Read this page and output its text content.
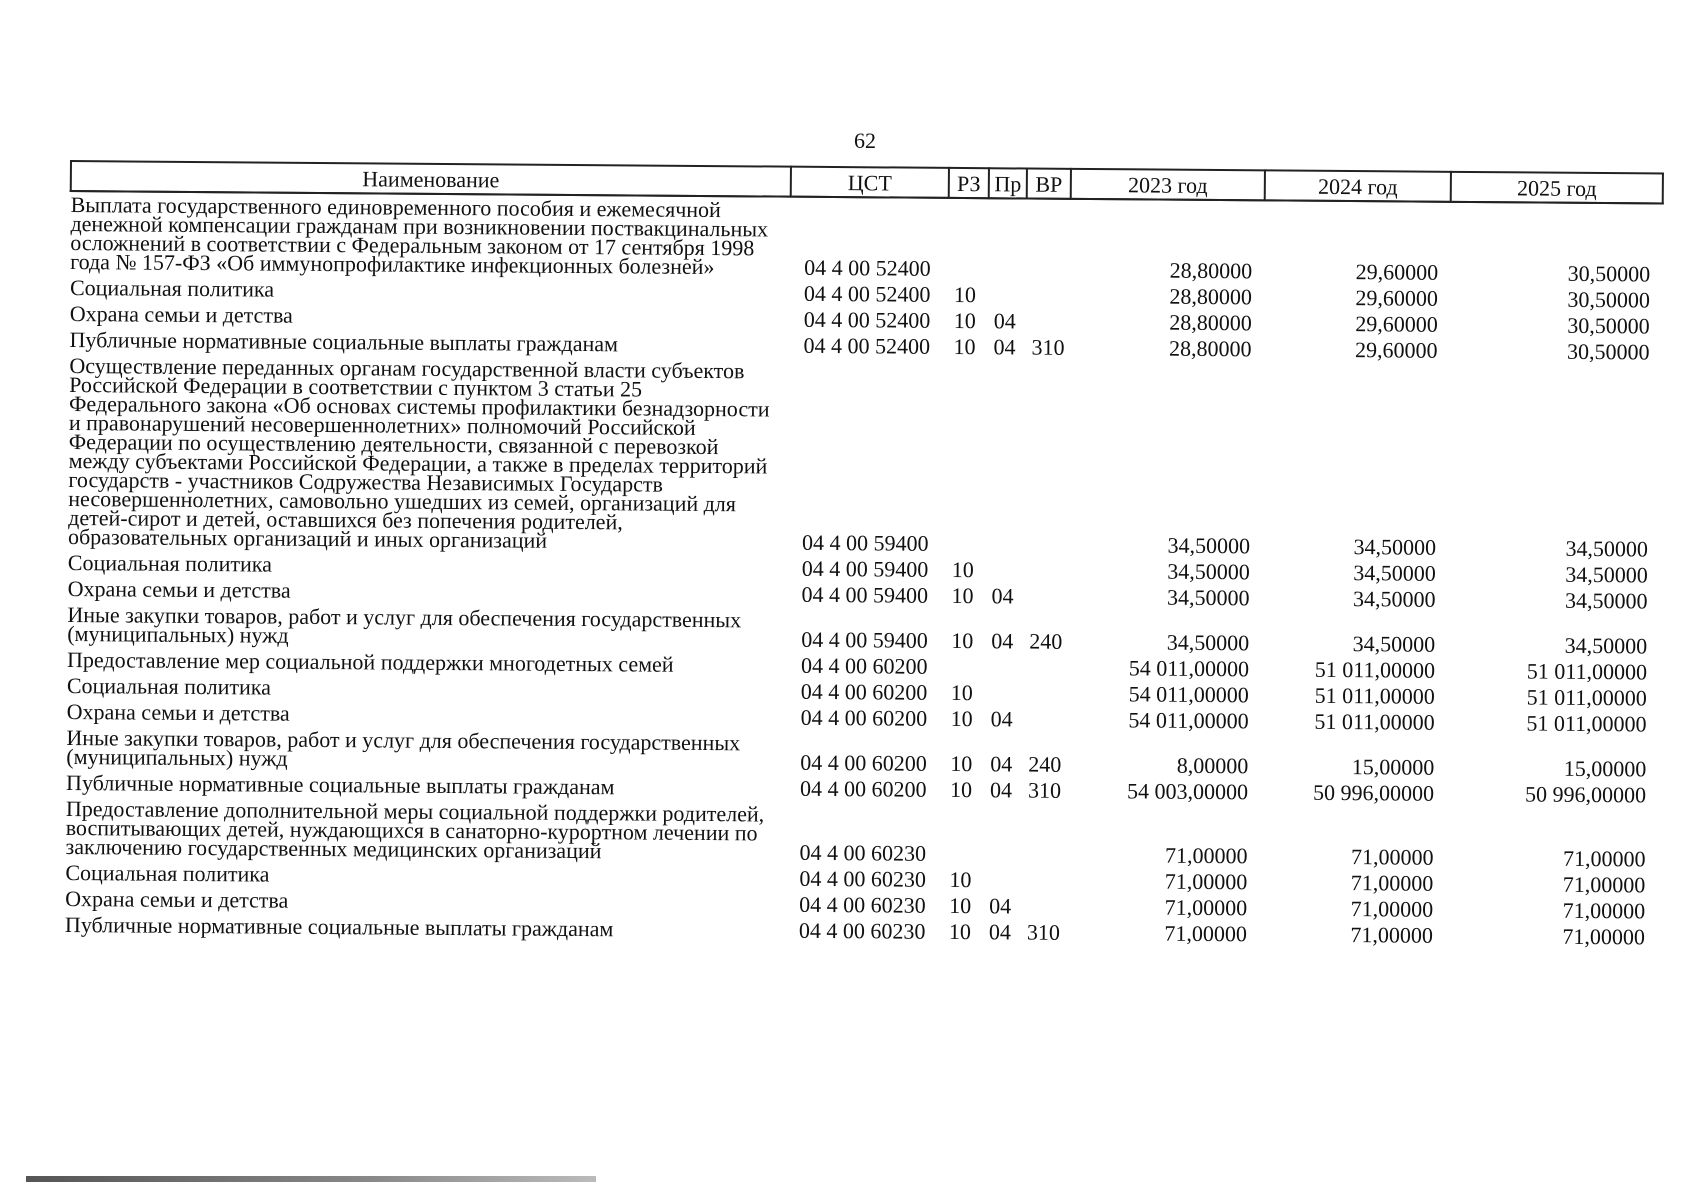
62
Наименование	ЦСТ	РЗ	Пр	ВР	2023 год	2024 год	2025 год
Выплата государственного единовременного пособия и ежемесячной денежной компенсации гражданам при возникновении поствакцинальных осложнений в соответствии с Федеральным законом от 17 сентября 1998 года № 157-ФЗ «Об иммунопрофилактике инфекционных болезней»	04 4 00 52400				28,80000	29,60000	30,50000
Социальная политика	04 4 00 52400	10			28,80000	29,60000	30,50000
Охрана семьи и детства	04 4 00 52400	10	04		28,80000	29,60000	30,50000
Публичные нормативные социальные выплаты гражданам	04 4 00 52400	10	04	310	28,80000	29,60000	30,50000
Осуществление переданных органам государственной власти субъектов Российской Федерации в соответствии с пунктом 3 статьи 25 Федерального закона «Об основах системы профилактики безнадзорности и правонарушений несовершеннолетних» полномочий Российской Федерации по осуществлению деятельности, связанной с перевозкой между субъектами Российской Федерации, а также в пределах территорий государств - участников Содружества Независимых Государств несовершеннолетних, самовольно ушедших из семей, организаций для детей-сирот и детей, оставшихся без попечения родителей, образовательных организаций и иных организаций	04 4 00 59400				34,50000	34,50000	34,50000
Социальная политика	04 4 00 59400	10			34,50000	34,50000	34,50000
Охрана семьи и детства	04 4 00 59400	10	04		34,50000	34,50000	34,50000
Иные закупки товаров, работ и услуг для обеспечения государственных (муниципальных) нужд	04 4 00 59400	10	04	240	34,50000	34,50000	34,50000
Предоставление мер социальной поддержки многодетных семей	04 4 00 60200				54 011,00000	51 011,00000	51 011,00000
Социальная политика	04 4 00 60200	10			54 011,00000	51 011,00000	51 011,00000
Охрана семьи и детства	04 4 00 60200	10	04		54 011,00000	51 011,00000	51 011,00000
Иные закупки товаров, работ и услуг для обеспечения государственных (муниципальных) нужд	04 4 00 60200	10	04	240	8,00000	15,00000	15,00000
Публичные нормативные социальные выплаты гражданам	04 4 00 60200	10	04	310	54 003,00000	50 996,00000	50 996,00000
Предоставление дополнительной меры социальной поддержки родителей, воспитывающих детей, нуждающихся в санаторно-курортном лечении по заключению государственных медицинских организаций	04 4 00 60230				71,00000	71,00000	71,00000
Социальная политика	04 4 00 60230	10			71,00000	71,00000	71,00000
Охрана семьи и детства	04 4 00 60230	10	04		71,00000	71,00000	71,00000
Публичные нормативные социальные выплаты гражданам	04 4 00 60230	10	04	310	71,00000	71,00000	71,00000
